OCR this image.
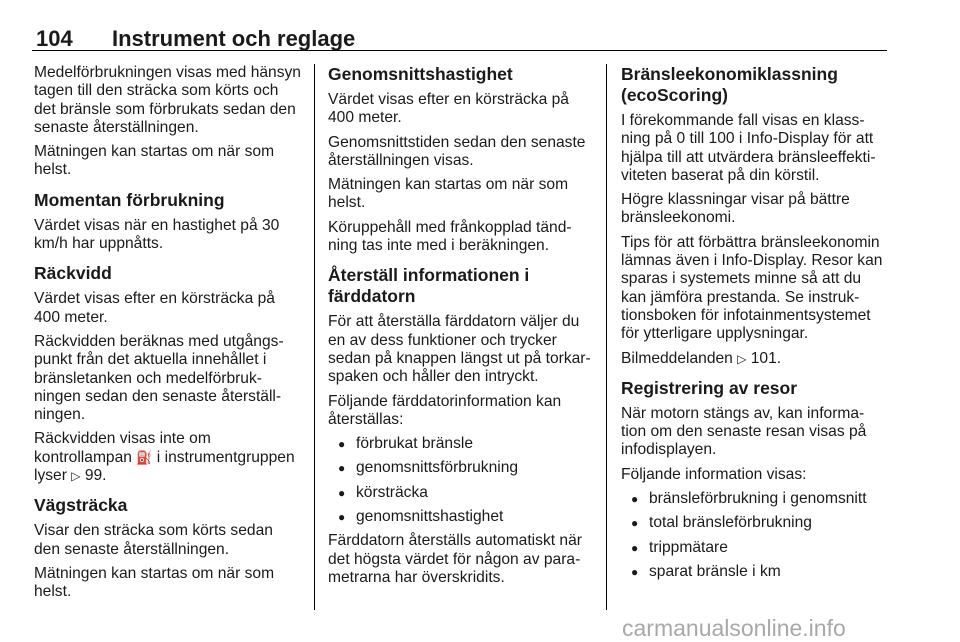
104 Instrument och reglage

Medelförbrukningen visas med hänsyn tagen till den sträcka som körts och det bränsle som förbrukats sedan den senaste återställningen.

Mätningen kan startas om när som helst.

Momentan förbrukning

Värdet visas när en hastighet på 30 km/h har uppnåtts.

Räckvidd

Värdet visas efter en körsträcka på 400 meter.

Räckvidden beräknas med utgångs-punkt från det aktuella innehållet i bränsletanken och medelförbruk-ningen sedan den senaste återställ-ningen.

Räckvidden visas inte om kontrollampan ⛽ i instrumentgruppen lyser ▷ 99.

Vägsträcka

Visar den sträcka som körts sedan den senaste återställningen.

Mätningen kan startas om när som helst.

Genomsnittshastighet

Värdet visas efter en körsträcka på 400 meter.

Genomsnittstiden sedan den senaste återställningen visas.

Mätningen kan startas om när som helst.

Köruppehåll med frånkopplad tänd-ning tas inte med i beräkningen.

Återställ informationen i färddatorn

För att återställa färddatorn väljer du en av dess funktioner och trycker sedan på knappen längst ut på torkar-spaken och håller den intryckt.

Följande färddatorinformation kan återställas:

● förbrukat bränsle
● genomsnittsförbrukning
● körsträcka
● genomsnittshastighet

Färddatorn återställs automatiskt när det högsta värdet för någon av para-metrarna har överskridits.

Bränsleekonomiklassning (ecoScoring)

I förekommande fall visas en klass-ning på 0 till 100 i Info-Display för att hjälpa till att utvärdera bränsleeffekti-viteten baserat på din körstil.

Högre klassningar visar på bättre bränsleekonomi.

Tips för att förbättra bränsleekonomin lämnas även i Info-Display. Resor kan sparas i systemets minne så att du kan jämföra prestanda. Se instruk-tionsboken för infotainmentsystemet för ytterligare upplysningar.

Bilmeddelanden ▷ 101.

Registrering av resor

När motorn stängs av, kan informa-tion om den senaste resan visas på infodisplayen.

Följande information visas:

● bränsleförbrukning i genomsnitt
● total bränsleförbrukning
● trippmätare
● sparat bränsle i km
carmanualsonline.info
